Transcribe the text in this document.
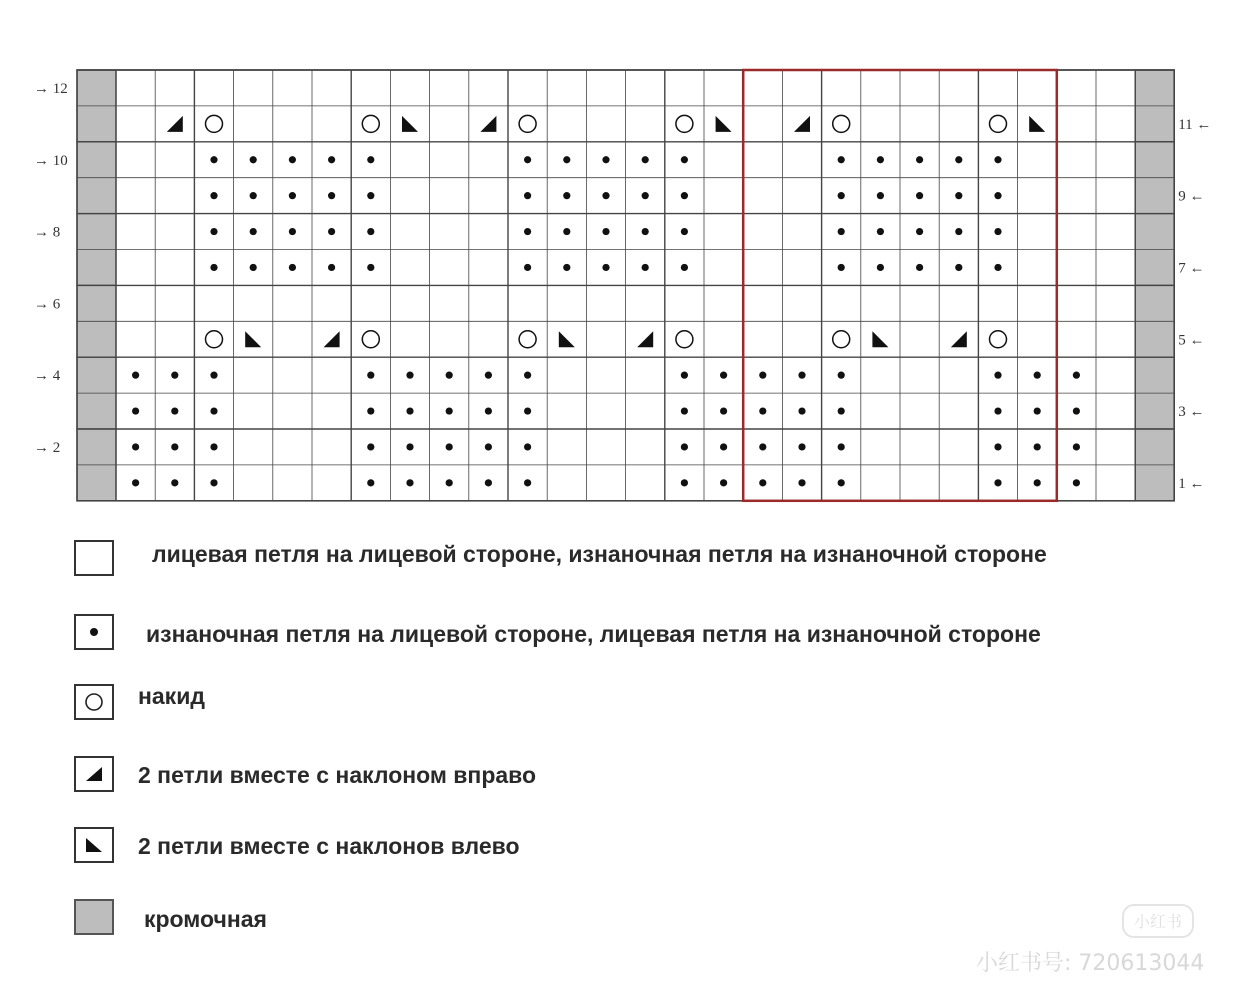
→ 12
→ 10
→ 8
→ 6
→ 4
→ 2
11 ←
9 ←
7 ←
5 ←
3 ←
1 ←
лицевая петля на лицевой стороне, изнаночная петля на изнаночной стороне
изнаночная петля на лицевой стороне, лицевая петля на изнаночной стороне
накид
2 петли вместе с наклоном вправо
2 петли вместе с наклонов влево
кромочная	小红书
小红书号: 720613044
